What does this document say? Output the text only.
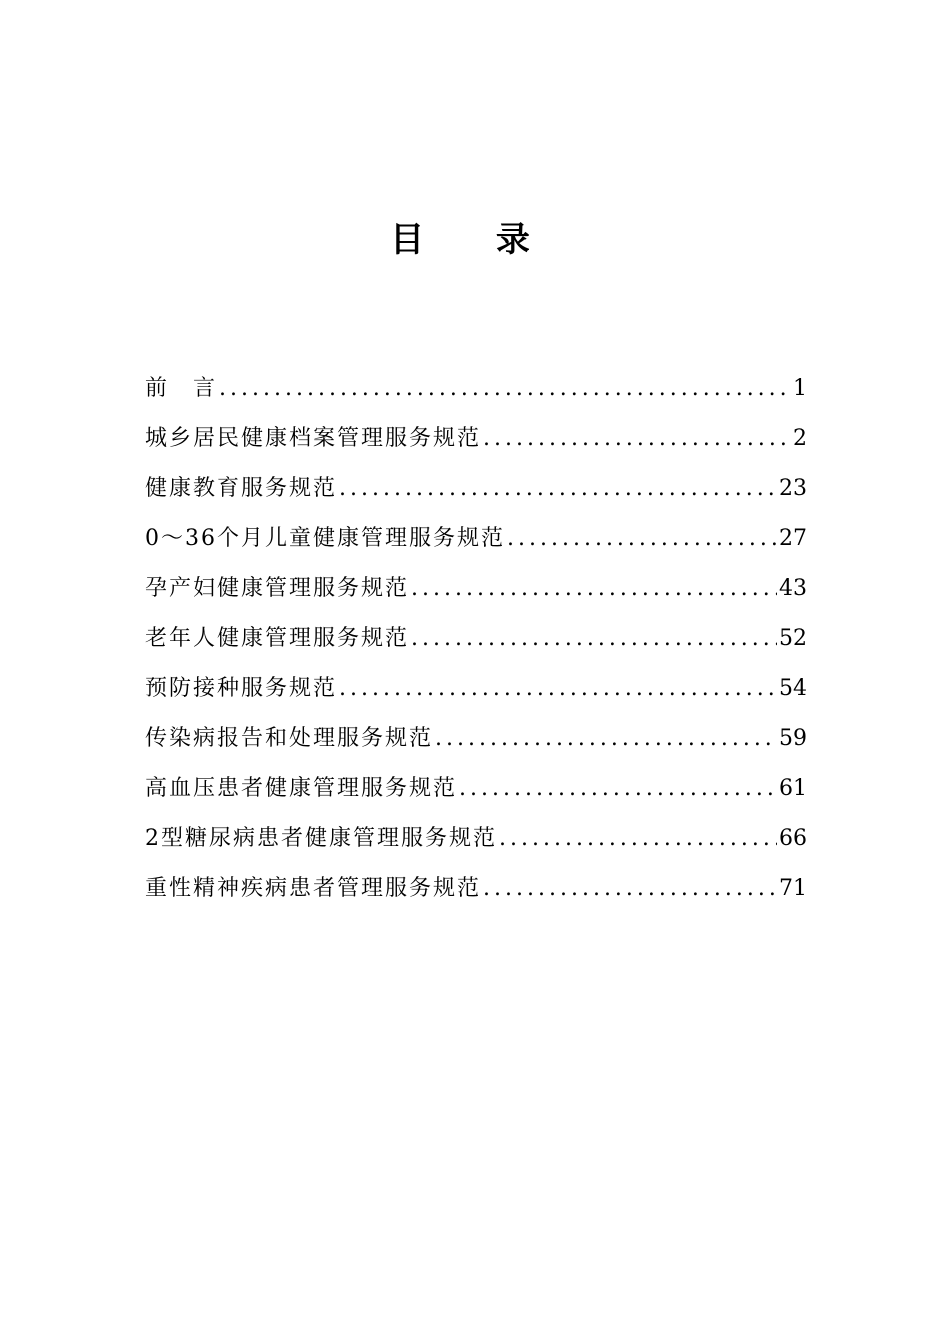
目 录
前　言 .....	1
城乡居民健康档案管理服务规范 .....	2
健康教育服务规范 .....	23
0～36个月儿童健康管理服务规范 .....	27
孕产妇健康管理服务规范 .....	43
老年人健康管理服务规范 .....	52
预防接种服务规范 .....	54
传染病报告和处理服务规范 .....	59
高血压患者健康管理服务规范 .....	61
2型糖尿病患者健康管理服务规范 .....	66
重性精神疾病患者管理服务规范 .....	71
